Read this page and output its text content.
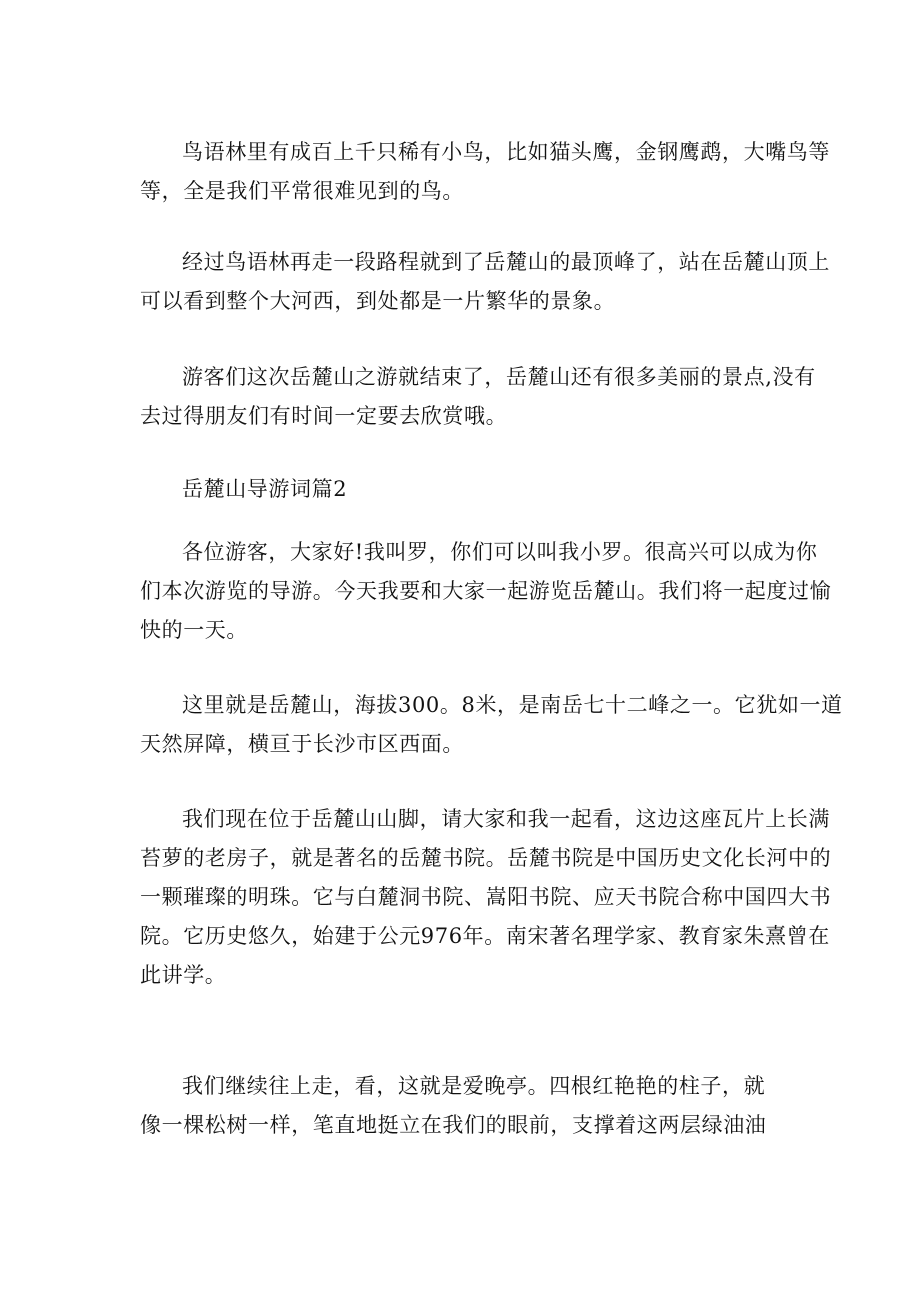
鸟语林里有成百上千只稀有小鸟，比如猫头鹰，金钢鹰鹉，大嘴鸟等
等，全是我们平常很难见到的鸟。
经过鸟语林再走一段路程就到了岳麓山的最顶峰了，站在岳麓山顶上
可以看到整个大河西，到处都是一片繁华的景象。
游客们这次岳麓山之游就结束了，岳麓山还有很多美丽的景点,没有
去过得朋友们有时间一定要去欣赏哦。
岳麓山导游词篇2
各位游客，大家好!我叫罗，你们可以叫我小罗。很高兴可以成为你
们本次游览的导游。今天我要和大家一起游览岳麓山。我们将一起度过愉
快的一天。
这里就是岳麓山，海拔300。8米，是南岳七十二峰之一。它犹如一道
天然屏障，横亘于长沙市区西面。
我们现在位于岳麓山山脚，请大家和我一起看，这边这座瓦片上长满
苔萝的老房子，就是著名的岳麓书院。岳麓书院是中国历史文化长河中的
一颗璀璨的明珠。它与白麓洞书院、嵩阳书院、应天书院合称中国四大书
院。它历史悠久，始建于公元976年。南宋著名理学家、教育家朱熹曾在
此讲学。
我们继续往上走，看，这就是爱晚亭。四根红艳艳的柱子，就
像一棵松树一样，笔直地挺立在我们的眼前，支撑着这两层绿油油
